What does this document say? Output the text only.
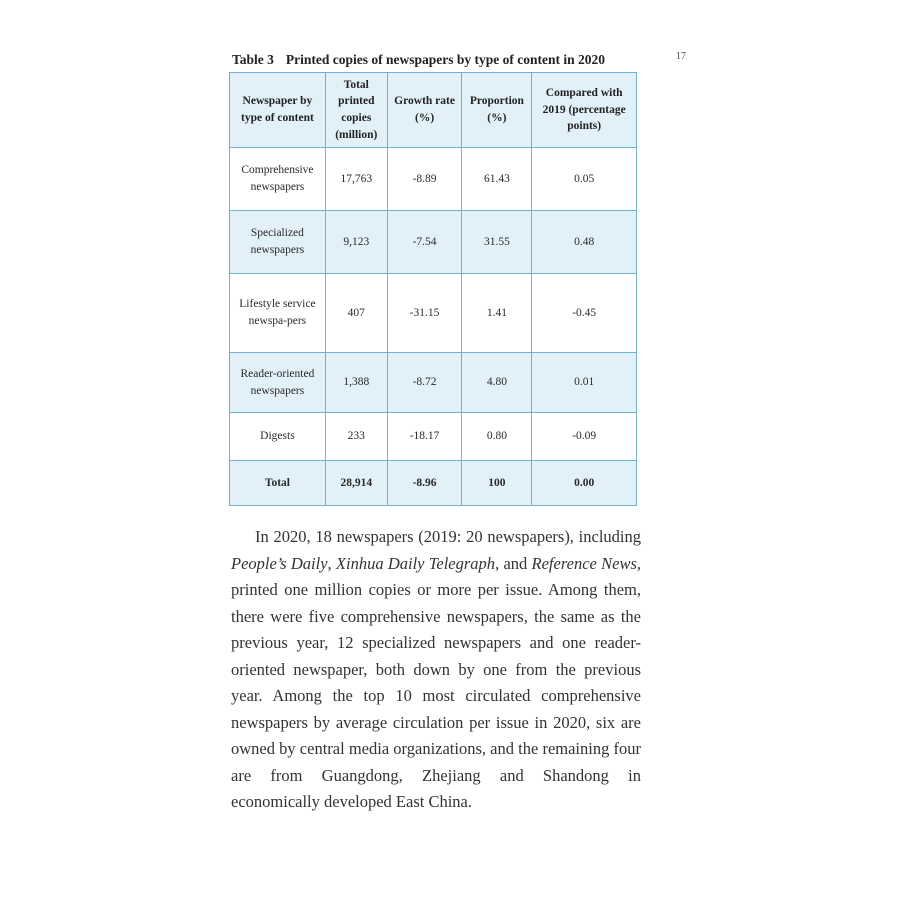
17
Table 3 Printed copies of newspapers by type of content in 2020
Newspaper by type of content	Total printed copies (million)	Growth rate (%)	Proportion (%)	Compared with 2019 (percentage points)
Comprehensive newspapers	17,763	-8.89	61.43	0.05
Specialized newspapers	9,123	-7.54	31.55	0.48
Lifestyle service newspa-pers	407	-31.15	1.41	-0.45
Reader-oriented newspapers	1,388	-8.72	4.80	0.01
Digests	233	-18.17	0.80	-0.09
Total	28,914	-8.96	100	0.00

In 2020, 18 newspapers (2019: 20 newspapers), including People’s Daily, Xinhua Daily Telegraph, and Reference News, printed one million copies or more per issue. Among them, there were five comprehensive newspapers, the same as the previous year, 12 specialized newspapers and one reader-oriented newspaper, both down by one from the previous year. Among the top 10 most circulated comprehensive newspapers by average circulation per issue in 2020, six are owned by central media organizations, and the remaining four are from Guangdong, Zhejiang and Shandong in economically developed East China.
